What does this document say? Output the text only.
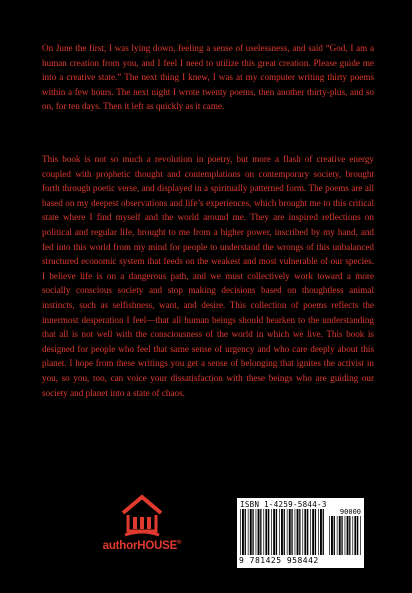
On June the first, I was lying down, feeling a sense of uselessness, and said “God, I am a human creation from you, and I feel I need to utilize this great creation. Please guide me into a creative state.” The next thing I knew, I was at my computer writing thirty poems within a few hours. The next night I wrote twenty poems, then another thirty-plus, and so on, for ten days. Then it left as quickly as it came.

This book is not so much a revolution in poetry, but more a flash of creative energy coupled with prophetic thought and contemplations on contemporary society, brought forth through poetic verse, and displayed in a spiritually patterned form. The poems are all based on my deepest observations and life’s experiences, which brought me to this critical state where I find myself and the world around me. They are inspired reflections on political and regular life, brought to me from a higher power, inscribed by my hand, and fed into this world from my mind for people to understand the wrongs of this unbalanced structured economic system that feeds on the weakest and most vulnerable of our species. I believe life is on a dangerous path, and we must collectively work toward a more socially conscious society and stop making decisions based on thoughtless animal instincts, such as selfishness, want, and desire. This collection of poems reflects the innermost desperation I feel—that all human beings should hearken to the understanding that all is not well with the consciousness of the world in which we live. This book is designed for people who feel that same sense of urgency and who care deeply about this planet. I hope from these writings you get a sense of belonging that ignites the activist in you, so you, too, can voice your dissatisfaction with these beings who are guiding our society and planet into a state of chaos.

authorHOUSE®
ISBN 1-4259-5844-3
90000
9 781425 958442
